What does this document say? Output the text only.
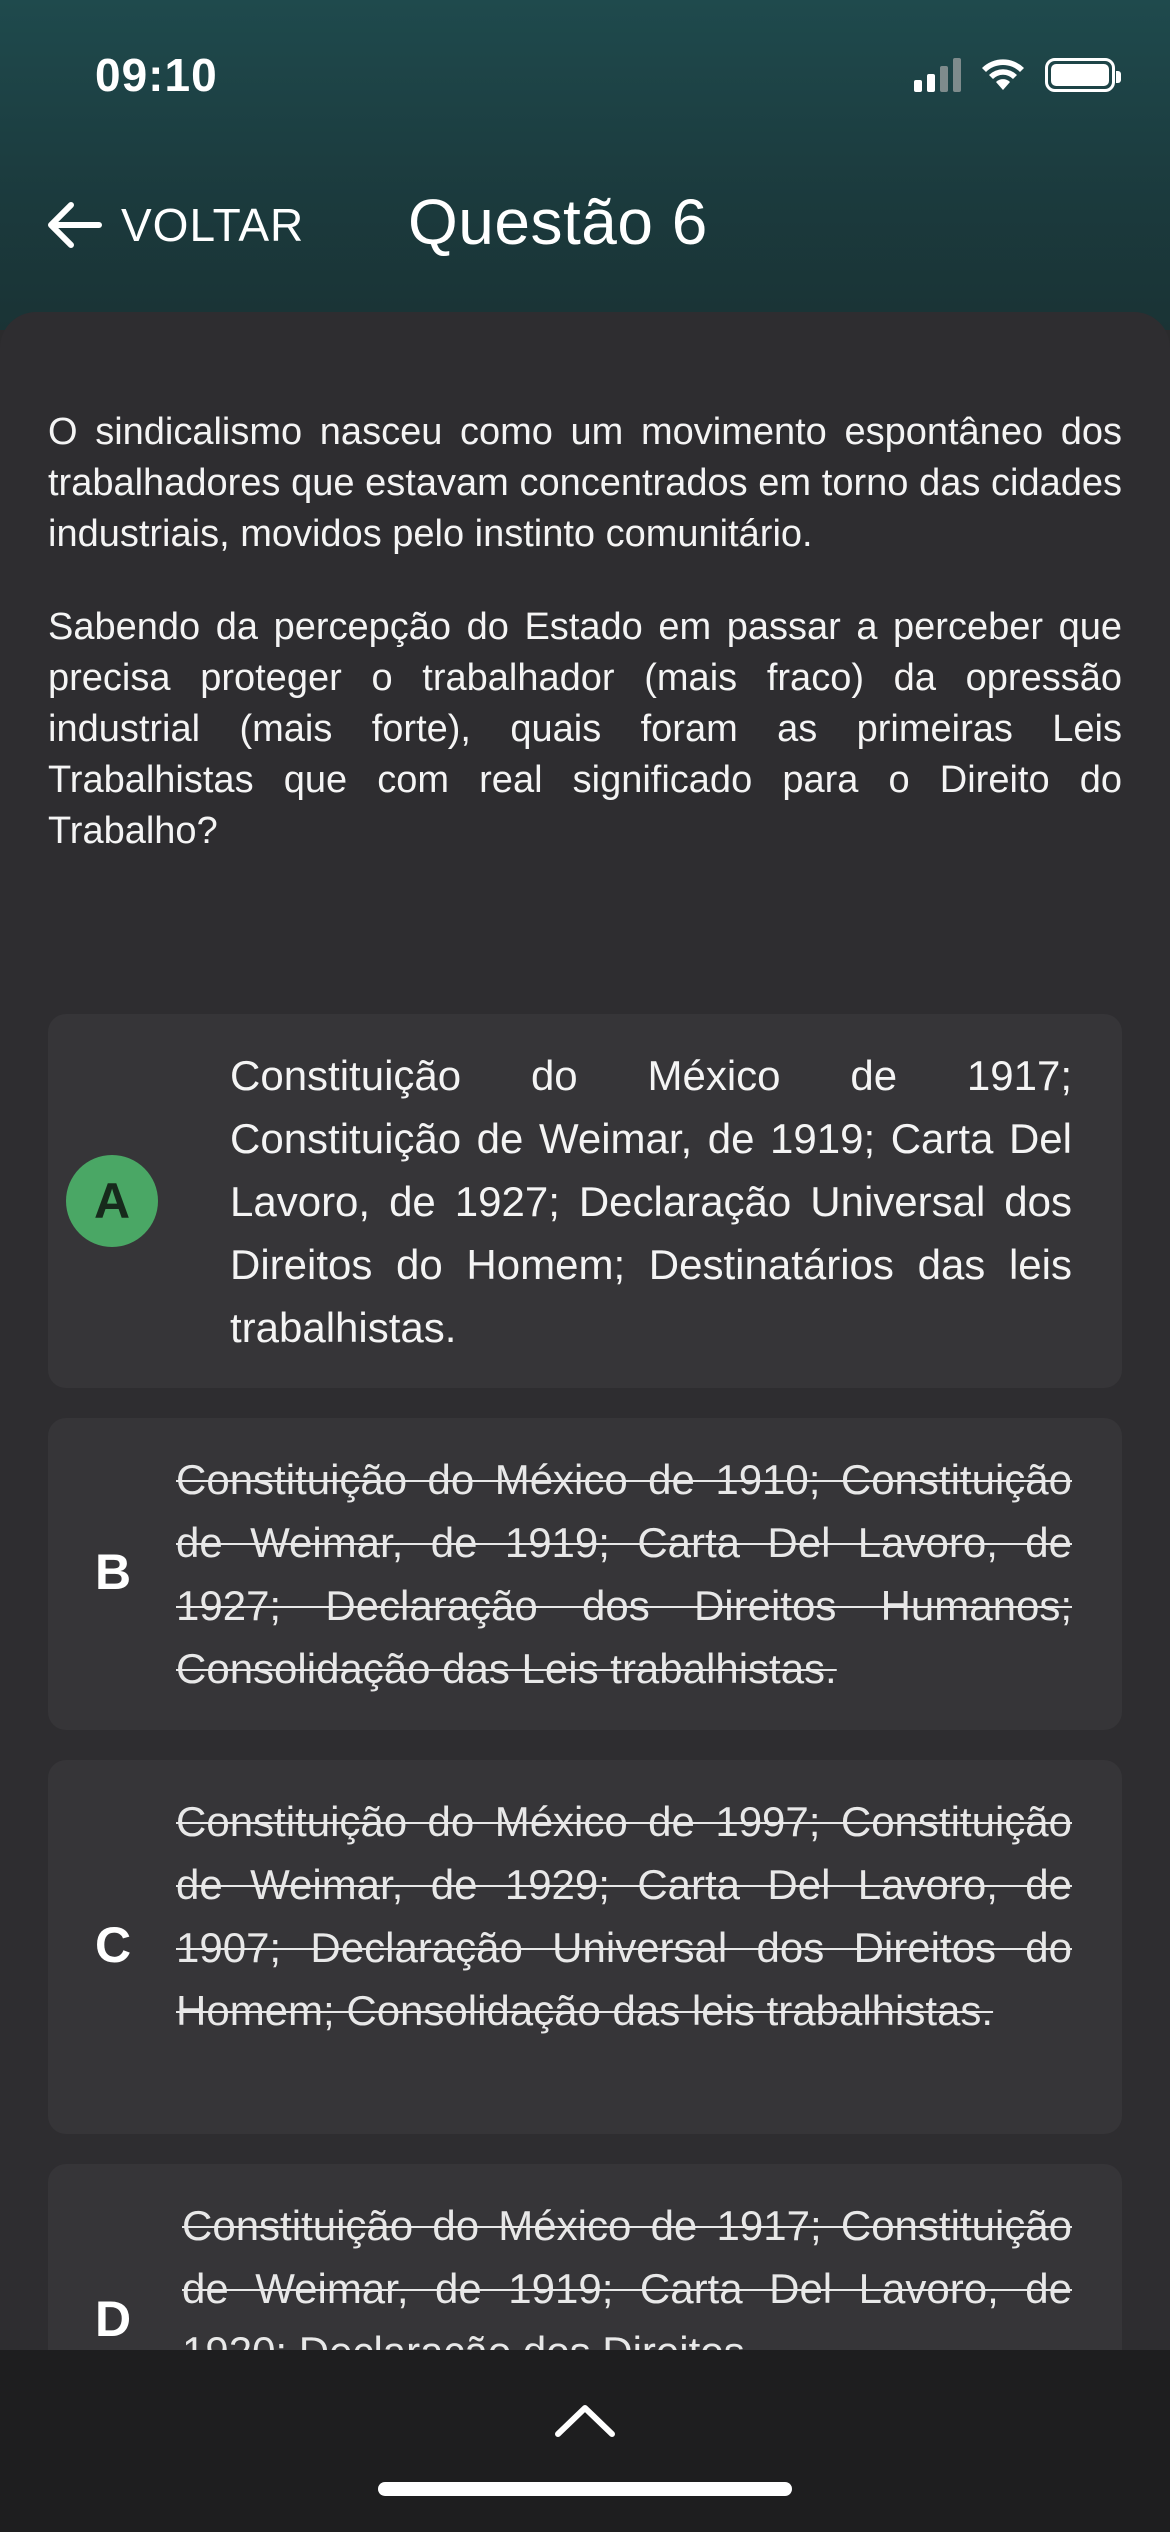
09:10
VOLTAR Questão 6

O sindicalismo nasceu como um movimento espontâneo dos trabalhadores que estavam concentrados em torno das cidades industriais, movidos pelo instinto comunitário.

Sabendo da percepção do Estado em passar a perceber que precisa proteger o trabalhador (mais fraco) da opressão industrial (mais forte), quais foram as primeiras Leis Trabalhistas que com real significado para o Direito do Trabalho?

A
Constituição do México de 1917; Constituição de Weimar, de 1919; Carta Del Lavoro, de 1927; Declaração Universal dos Direitos do Homem; Destinatários das leis trabalhistas.
B
Constituição do México de 1910; Constituição de Weimar, de 1919; Carta Del Lavoro, de 1927; Declaração dos Direitos Humanos; Consolidação das Leis trabalhistas.
C
Constituição do México de 1997; Constituição de Weimar, de 1929; Carta Del Lavoro, de 1907; Declaração Universal dos Direitos do Homem; Consolidação das leis trabalhistas.
D
Constituição do México de 1917; Constituição de Weimar, de 1919; Carta Del Lavoro, de
